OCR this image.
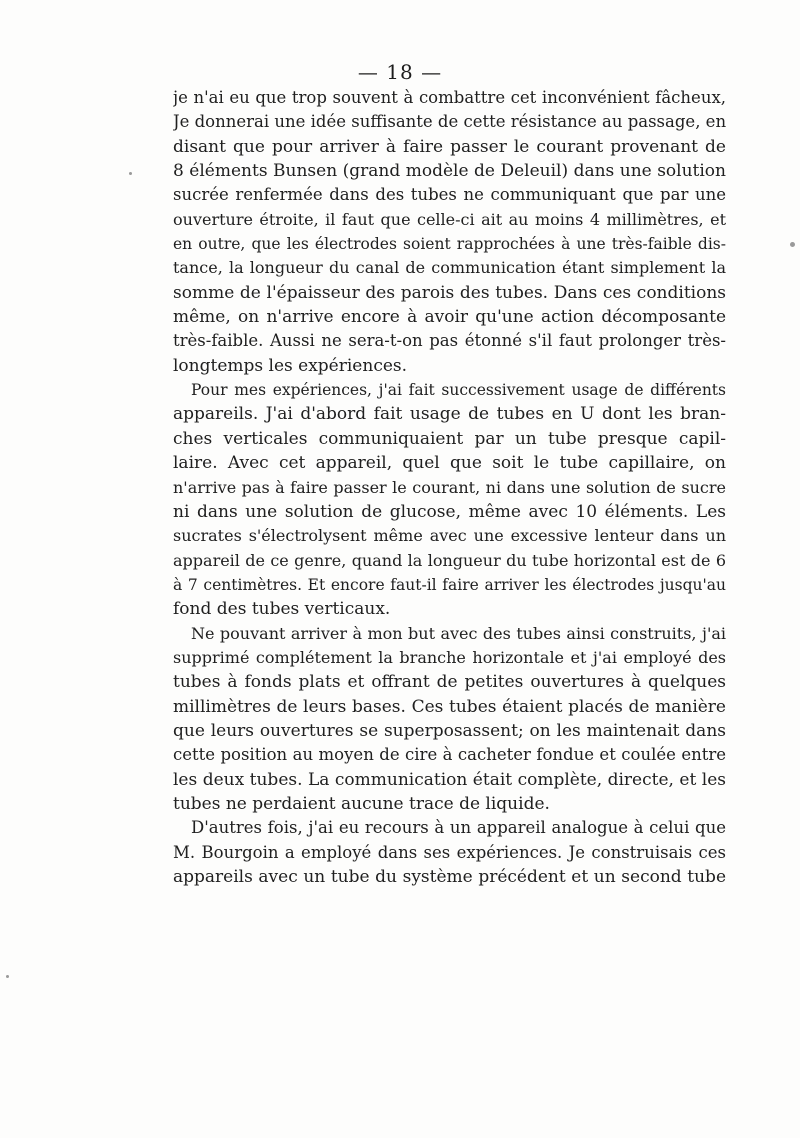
— 18 —
je n'ai eu que trop souvent à combattre cet inconvénient fâcheux,
Je donnerai une idée suffisante de cette résistance au passage, en
disant que pour arriver à faire passer le courant provenant de
8 éléments Bunsen (grand modèle de Deleuil) dans une solution
sucrée renfermée dans des tubes ne communiquant que par une
ouverture étroite, il faut que celle-ci ait au moins 4 millimètres, et
en outre, que les électrodes soient rapprochées à une très-faible dis-
tance, la longueur du canal de communication étant simplement la
somme de l'épaisseur des parois des tubes. Dans ces conditions
même, on n'arrive encore à avoir qu'une action décomposante
très-faible. Aussi ne sera-t-on pas étonné s'il faut prolonger très-
longtemps les expériences.
Pour mes expériences, j'ai fait successivement usage de différents
appareils. J'ai d'abord fait usage de tubes en U dont les bran-
ches verticales communiquaient par un tube presque capil-
laire. Avec cet appareil, quel que soit le tube capillaire, on
n'arrive pas à faire passer le courant, ni dans une solution de sucre
ni dans une solution de glucose, même avec 10 éléments. Les
sucrates s'électrolysent même avec une excessive lenteur dans un
appareil de ce genre, quand la longueur du tube horizontal est de 6
à 7 centimètres. Et encore faut-il faire arriver les électrodes jusqu'au
fond des tubes verticaux.
Ne pouvant arriver à mon but avec des tubes ainsi construits, j'ai
supprimé complétement la branche horizontale et j'ai employé des
tubes à fonds plats et offrant de petites ouvertures à quelques
millimètres de leurs bases. Ces tubes étaient placés de manière
que leurs ouvertures se superposassent; on les maintenait dans
cette position au moyen de cire à cacheter fondue et coulée entre
les deux tubes. La communication était complète, directe, et les
tubes ne perdaient aucune trace de liquide.
D'autres fois, j'ai eu recours à un appareil analogue à celui que
M. Bourgoin a employé dans ses expériences. Je construisais ces
appareils avec un tube du système précédent et un second tube
